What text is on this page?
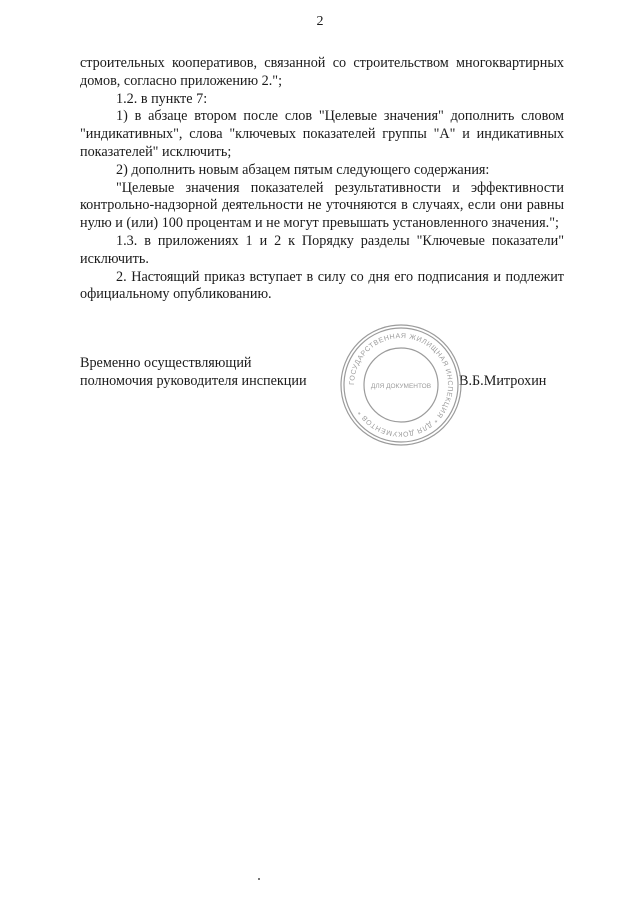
2

строительных кооперативов, связанной со строительством многоквартирных домов, согласно приложению 2.";

1.2. в пункте 7:

1) в абзаце втором после слов "Целевые значения" дополнить словом "индикативных", слова "ключевых показателей группы "А" и индикативных показателей" исключить;

2) дополнить новым абзацем пятым следующего содержания:

"Целевые значения показателей результативности и эффективности контрольно-надзорной деятельности не уточняются в случаях, если они равны нулю и (или) 100 процентам и не могут превышать установленного значения.";

1.3. в приложениях 1 и 2 к Порядку разделы "Ключевые показатели" исключить.

2. Настоящий приказ вступает в силу со дня его подписания и подлежит официальному опубликованию.

Временно осуществляющий
полномочия руководителя инспекции	В.Б.Митрохин
ГОСУДАРСТВЕННАЯ ЖИЛИЩНАЯ ИНСПЕКЦИЯ * ДЛЯ ДОКУМЕНТОВ *
ДЛЯ ДОКУМЕНТОВ
